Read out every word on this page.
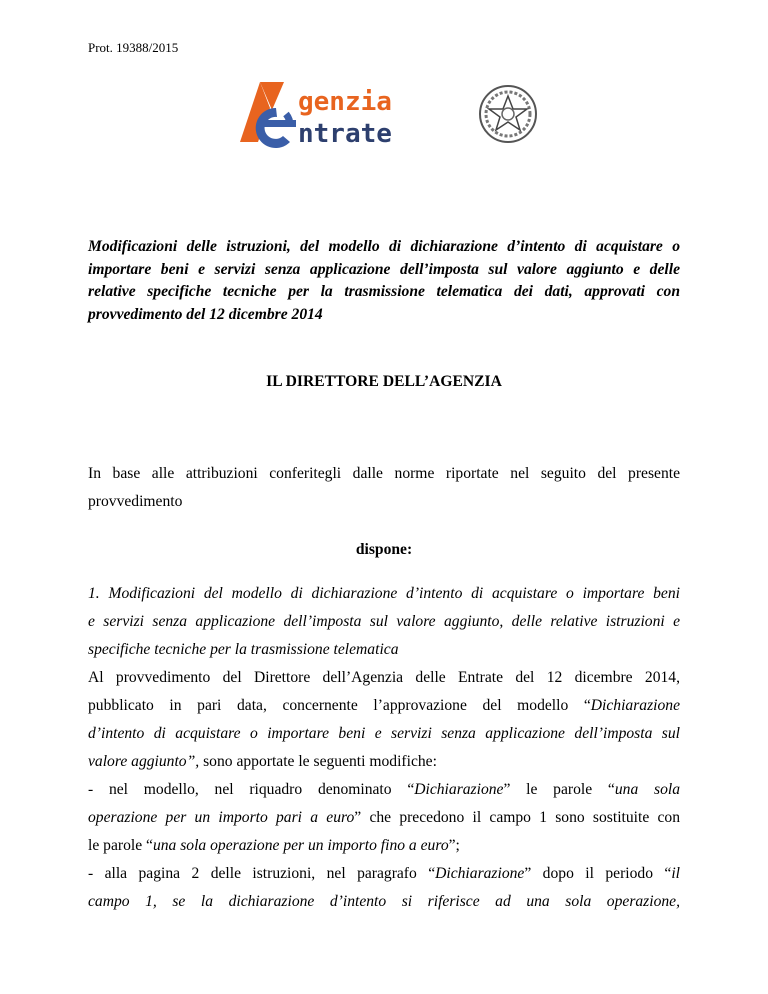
Prot. 19388/2015
genzia
ntrate
Modificazioni delle istruzioni, del modello di dichiarazione d’intento di acquistare o
importare beni e servizi senza applicazione dell’imposta sul valore aggiunto e delle
relative specifiche tecniche per la trasmissione telematica dei dati, approvati con
provvedimento del 12 dicembre 2014
IL DIRETTORE DELL’AGENZIA
In base alle attribuzioni conferitegli dalle norme riportate nel seguito del presente
provvedimento
dispone:
1. Modificazioni del modello di dichiarazione d’intento di acquistare o importare beni
e servizi senza applicazione dell’imposta sul valore aggiunto, delle relative istruzioni e
specifiche tecniche per la trasmissione telematica
Al provvedimento del Direttore dell’Agenzia delle Entrate del 12 dicembre 2014,
pubblicato in pari data, concernente l’approvazione del modello “Dichiarazione
d’intento di acquistare o importare beni e servizi senza applicazione dell’imposta sul
valore aggiunto”, sono apportate le seguenti modifiche:
- nel modello, nel riquadro denominato “Dichiarazione” le parole “una sola
operazione per un importo pari a euro” che precedono il campo 1 sono sostituite con
le parole “una sola operazione per un importo fino a euro”;
- alla pagina 2 delle istruzioni, nel paragrafo “Dichiarazione” dopo il periodo “il
campo 1, se la dichiarazione d’intento si riferisce ad una sola operazione,
